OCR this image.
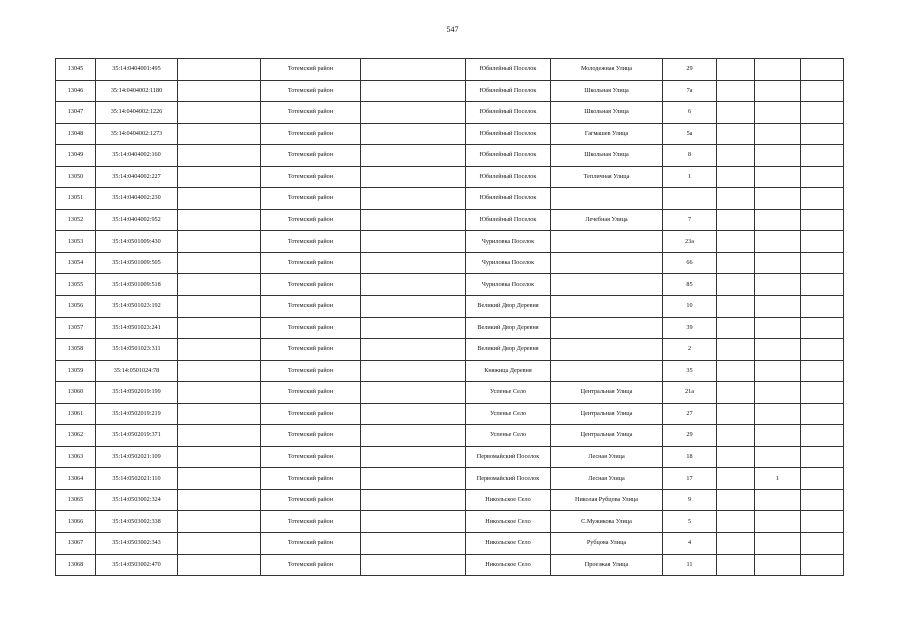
547
13045	35:14:0404001:495		Тотемский район		Юбилейный Поселок	Молодежная Улица	29			
13046	35:14:0404002:1180		Тотемский район		Юбилейный Поселок	Школьная Улица	7а			
13047	35:14:0404002:1226		Тотемский район		Юбилейный Поселок	Школьная Улица	6			
13048	35:14:0404002:1273		Тотемский район		Юбилейный Поселок	Гагмашев Улица	5а			
13049	35:14:0404002:160		Тотемский район		Юбилейный Поселок	Школьная Улица	8			
13050	35:14:0404002:227		Тотемский район		Юбилейный Поселок	Тепличная Улица	1			
13051	35:14:0404002:230		Тотемский район		Юбилейный Поселок					
13052	35:14:0404002:952		Тотемский район		Юбилейный Поселок	Лечебная Улица	7			
13053	35:14:0501009:430		Тотемский район		Чуриловка Поселок		23а			
13054	35:14:0501009:505		Тотемский район		Чуриловка Поселок		66			
13055	35:14:0501009:518		Тотемский район		Чуриловка Поселок		85			
13056	35:14:0501023:192		Тотемский район		Великий Двор Деревня		10			
13057	35:14:0501023:241		Тотемский район		Великий Двор Деревня		39			
13058	35:14:0501023:311		Тотемский район		Великий Двор Деревня		2			
13059	35:14:0501024:78		Тотемский район		Княжица Деревня		35			
13060	35:14:0502019:199		Тотемский район		Успенье Село	Центральная Улица	21а			
13061	35:14:0502019:219		Тотемский район		Успенье Село	Центральная Улица	27			
13062	35:14:0502019:371		Тотемский район		Успенье Село	Центральная Улица	29			
13063	35:14:0502021:109		Тотемский район		Первомайский Поселок	Лесная Улица	18			
13064	35:14:0502021:110		Тотемский район		Первомайский Поселок	Лесная Улица	17		1	
13065	35:14:0503002:324		Тотемский район		Никольское Село	Николая Рубцова Улица	9			
13066	35:14:0503002:338		Тотемский район		Никольское Село	С.Мужикова Улица	5			
13067	35:14:0503002:343		Тотемский район		Никольское Село	Рубцова Улица	4			
13068	35:14:0503002:470		Тотемский район		Никольское Село	Проезжая Улица	11			
